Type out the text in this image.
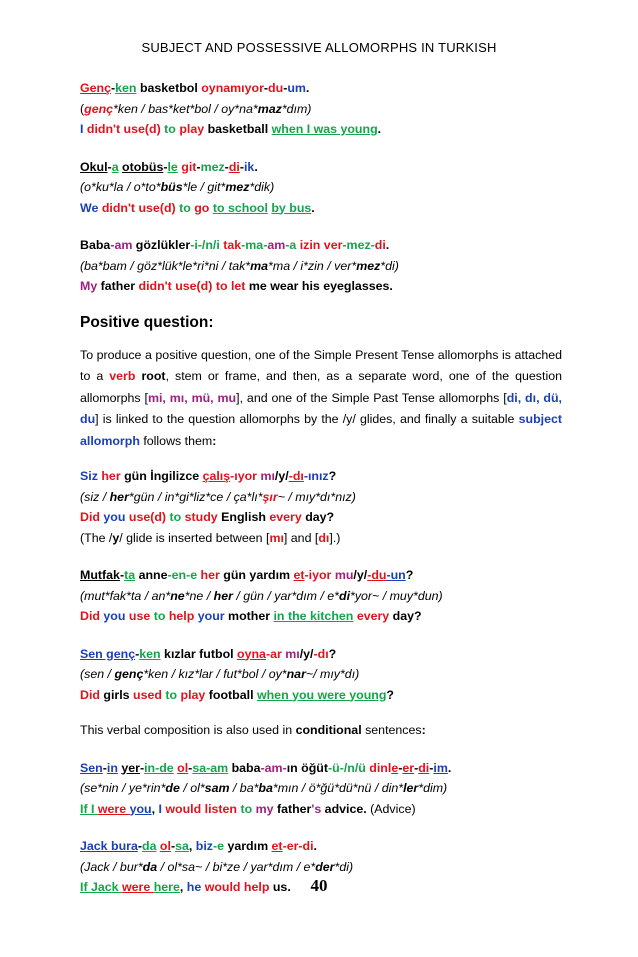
SUBJECT AND POSSESSIVE ALLOMORPHS IN TURKISH
Genç-ken basketbol oynamıyor-du-um.
(genç*ken / bas*ket*bol / oy*na*maz*dım)
I didn't use(d) to play basketball when I was young.
Okul-a otobüs-le git-mez-di-ik.
(o*ku*la / o*to*büs*le / git*mez*dik)
We didn't use(d) to go to school by bus.
Baba-am gözlükler-i-/n/i tak-ma-am-a izin ver-mez-di.
(ba*bam / göz*lük*le*ri*ni / tak*ma*ma / i*zin / ver*mez*di)
My father didn't use(d) to let me wear his eyeglasses.
Positive question:
To produce a positive question, one of the Simple Present Tense allomorphs is attached to a verb root, stem or frame, and then, as a separate word, one of the question allomorphs [mi, mı, mü, mu], and one of the Simple Past Tense allomorphs [di, dı, dü, du] is linked to the question allomorphs by the /y/ glides, and finally a suitable subject allomorph follows them:
Siz her gün İngilizce çalış-ıyor mı/y/-dı-ınız?
(siz / her*gün / in*gi*liz*ce / ça*lı*şır~ / mıy*dı*nız)
Did you use(d) to study English every day?
(The /y/ glide is inserted between [mı] and [dı].)
Mutfak-ta anne-en-e her gün yardım et-iyor mu/y/-du-un?
(mut*fak*ta / an*ne*ne / her / gün / yar*dım / e*di*yor~ / muy*dun)
Did you use to help your mother in the kitchen every day?
Sen genç-ken kızlar futbol oyna-ar mı/y/-dı?
(sen / genç*ken / kız*lar / fut*bol / oy*nar~/ mıy*dı)
Did girls used to play football when you were young?
This verbal composition is also used in conditional sentences:
Sen-in yer-in-de ol-sa-am baba-am-ın öğüt-ü-/n/ü dinle-er-di-im.
(se*nin / ye*rin*de / ol*sam / ba*ba*mın / ö*ğü*dü*nü / din*ler*dim)
If I were you, I would listen to my father's advice. (Advice)
Jack bura-da ol-sa, biz-e yardım et-er-di.
(Jack / bur*da / ol*sa~ / bi*ze / yar*dım / e*der*di)
If Jack were here, he would help us.	40
